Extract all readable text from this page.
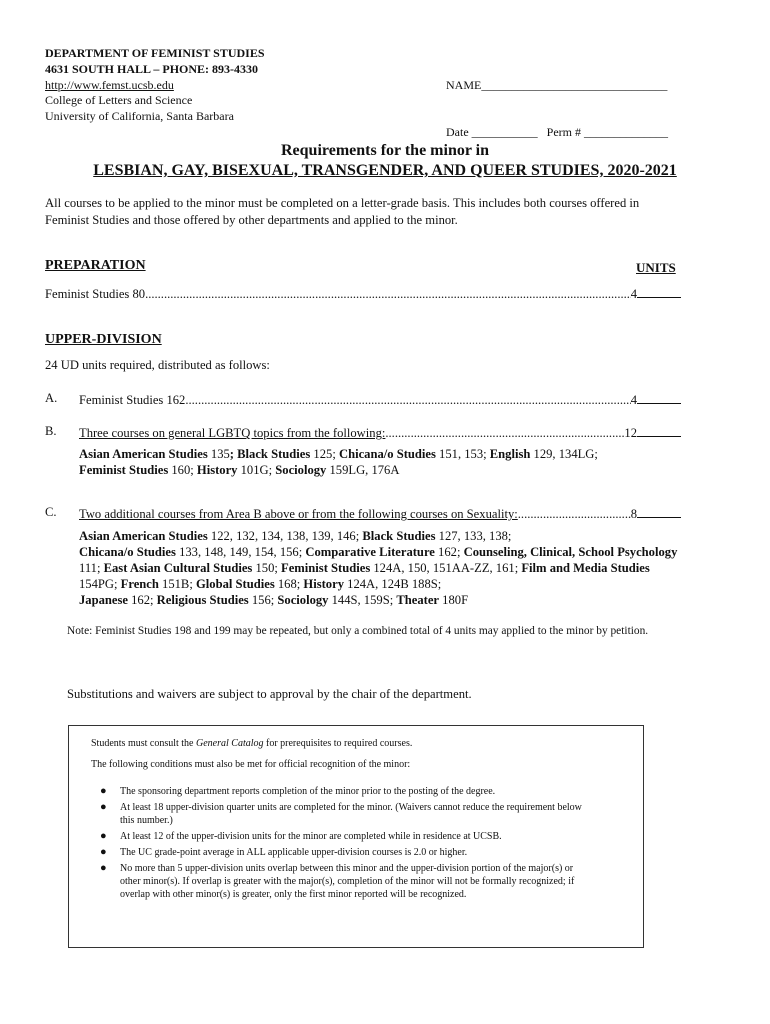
DEPARTMENT OF FEMINIST STUDIES
4631 SOUTH HALL – PHONE: 893-4330
http://www.femst.ucsb.edu
College of Letters and Science
University of California, Santa Barbara

NAME_______________________________

Date ___________   Perm # ______________

Requirements for the minor in
LESBIAN, GAY, BISEXUAL, TRANSGENDER, AND QUEER STUDIES, 2020-2021
All courses to be applied to the minor must be completed on a letter-grade basis. This includes both courses offered in Feminist Studies and those offered by other departments and applied to the minor.
PREPARATION	UNITS
Feminist Studies 80 .....	4
UPPER-DIVISION
24 UD units required, distributed as follows:
A. Feminist Studies 162 .....	4
B. Three courses on general LGBTQ topics from the following: .....	12
Asian American Studies 135; Black Studies 125; Chicana/o Studies 151, 153; English 129, 134LG;
Feminist Studies 160; History 101G; Sociology 159LG, 176A
C. Two additional courses from Area B above or from the following courses on Sexuality: .....	8
Asian American Studies 122, 132, 134, 138, 139, 146; Black Studies 127, 133, 138;
Chicana/o Studies 133, 148, 149, 154, 156; Comparative Literature 162; Counseling, Clinical, School Psychology 111; East Asian Cultural Studies 150; Feminist Studies 124A, 150, 151AA-ZZ, 161; Film and Media Studies 154PG; French 151B; Global Studies 168; History 124A, 124B 188S;
Japanese 162; Religious Studies 156; Sociology 144S, 159S; Theater 180F
Note: Feminist Studies 198 and 199 may be repeated, but only a combined total of 4 units may applied to the minor by petition.
Substitutions and waivers are subject to approval by the chair of the department.

Students must consult the General Catalog for prerequisites to required courses.

The following conditions must also be met for official recognition of the minor:

● The sponsoring department reports completion of the minor prior to the posting of the degree.
● At least 18 upper-division quarter units are completed for the minor. (Waivers cannot reduce the requirement below this number.)
● At least 12 of the upper-division units for the minor are completed while in residence at UCSB.
● The UC grade-point average in ALL applicable upper-division courses is 2.0 or higher.
● No more than 5 upper-division units overlap between this minor and the upper-division portion of the major(s) or other minor(s). If overlap is greater with the major(s), completion of the minor will not be formally recognized; if overlap with other minor(s) is greater, only the first minor reported will be recognized.
